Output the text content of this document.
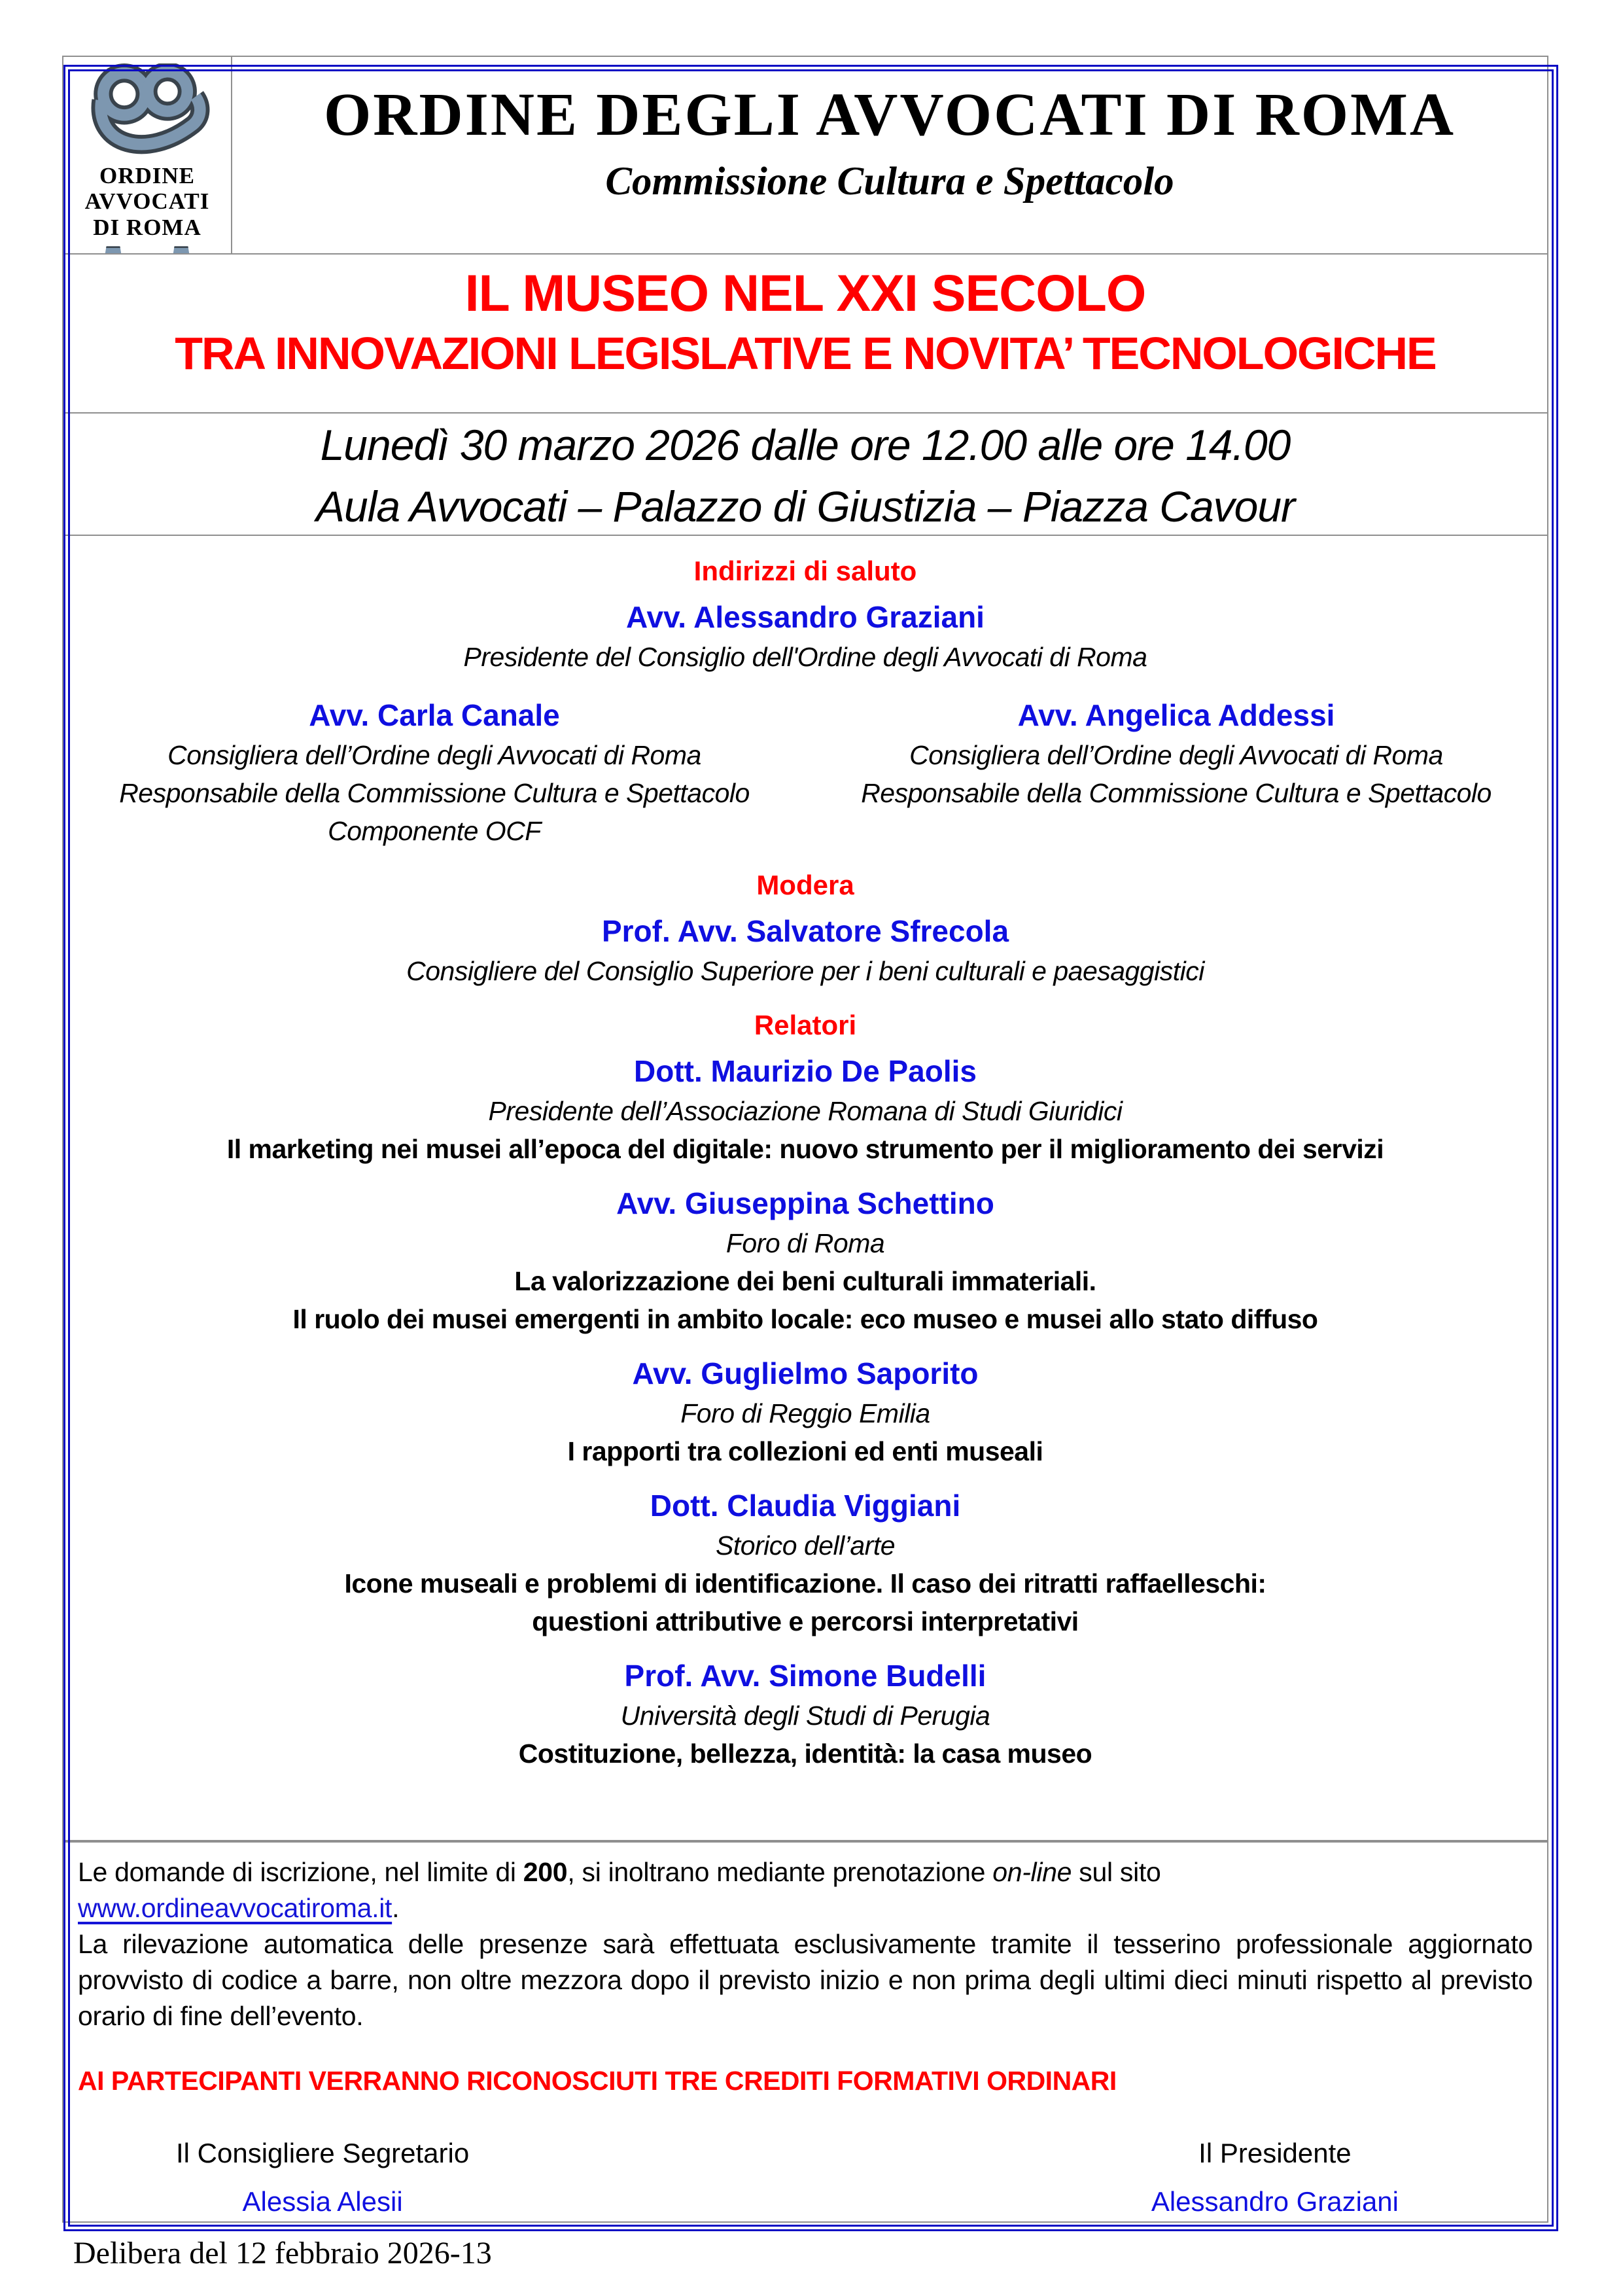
ORDINE
AVVOCATI
DI ROMA
ORDINE DEGLI AVVOCATI DI ROMA
Commissione Cultura e Spettacolo
IL MUSEO NEL XXI SECOLO
TRA INNOVAZIONI LEGISLATIVE E NOVITA’ TECNOLOGICHE
Lunedì 30 marzo 2026 dalle ore 12.00 alle ore 14.00
Aula Avvocati – Palazzo di Giustizia – Piazza Cavour
Indirizzi di saluto
Avv. Alessandro Graziani
Presidente del Consiglio dell'Ordine degli Avvocati di Roma
Avv. Carla Canale
Consigliera dell’Ordine degli Avvocati di Roma
Responsabile della Commissione Cultura e Spettacolo
Componente OCF
Avv. Angelica Addessi
Consigliera dell’Ordine degli Avvocati di Roma
Responsabile della Commissione Cultura e Spettacolo
Modera
Prof. Avv. Salvatore Sfrecola
Consigliere del Consiglio Superiore per i beni culturali e paesaggistici
Relatori
Dott. Maurizio De Paolis
Presidente dell’Associazione Romana di Studi Giuridici
Il marketing nei musei all’epoca del digitale: nuovo strumento per il miglioramento dei servizi
Avv. Giuseppina Schettino
Foro di Roma
La valorizzazione dei beni culturali immateriali.
Il ruolo dei musei emergenti in ambito locale: eco museo e musei allo stato diffuso
Avv. Guglielmo Saporito
Foro di Reggio Emilia
I rapporti tra collezioni ed enti museali
Dott. Claudia Viggiani
Storico dell’arte
Icone museali e problemi di identificazione. Il caso dei ritratti raffaelleschi:
questioni attributive e percorsi interpretativi
Prof. Avv. Simone Budelli
Università degli Studi di Perugia
Costituzione, bellezza, identità: la casa museo

Le domande di iscrizione, nel limite di 200, si inoltrano mediante prenotazione on-line sul sito
www.ordineavvocatiroma.it.

La rilevazione automatica delle presenze sarà effettuata esclusivamente tramite il tesserino professionale aggiornato provvisto di codice a barre, non oltre mezzora dopo il previsto inizio e non prima degli ultimi dieci minuti rispetto al previsto orario di fine dell’evento.

AI PARTECIPANTI VERRANNO RICONOSCIUTI TRE CREDITI FORMATIVI ORDINARI
Il Consigliere Segretario
Alessia Alesii
Il Presidente
Alessandro Graziani
Delibera del 12 febbraio 2026-13
